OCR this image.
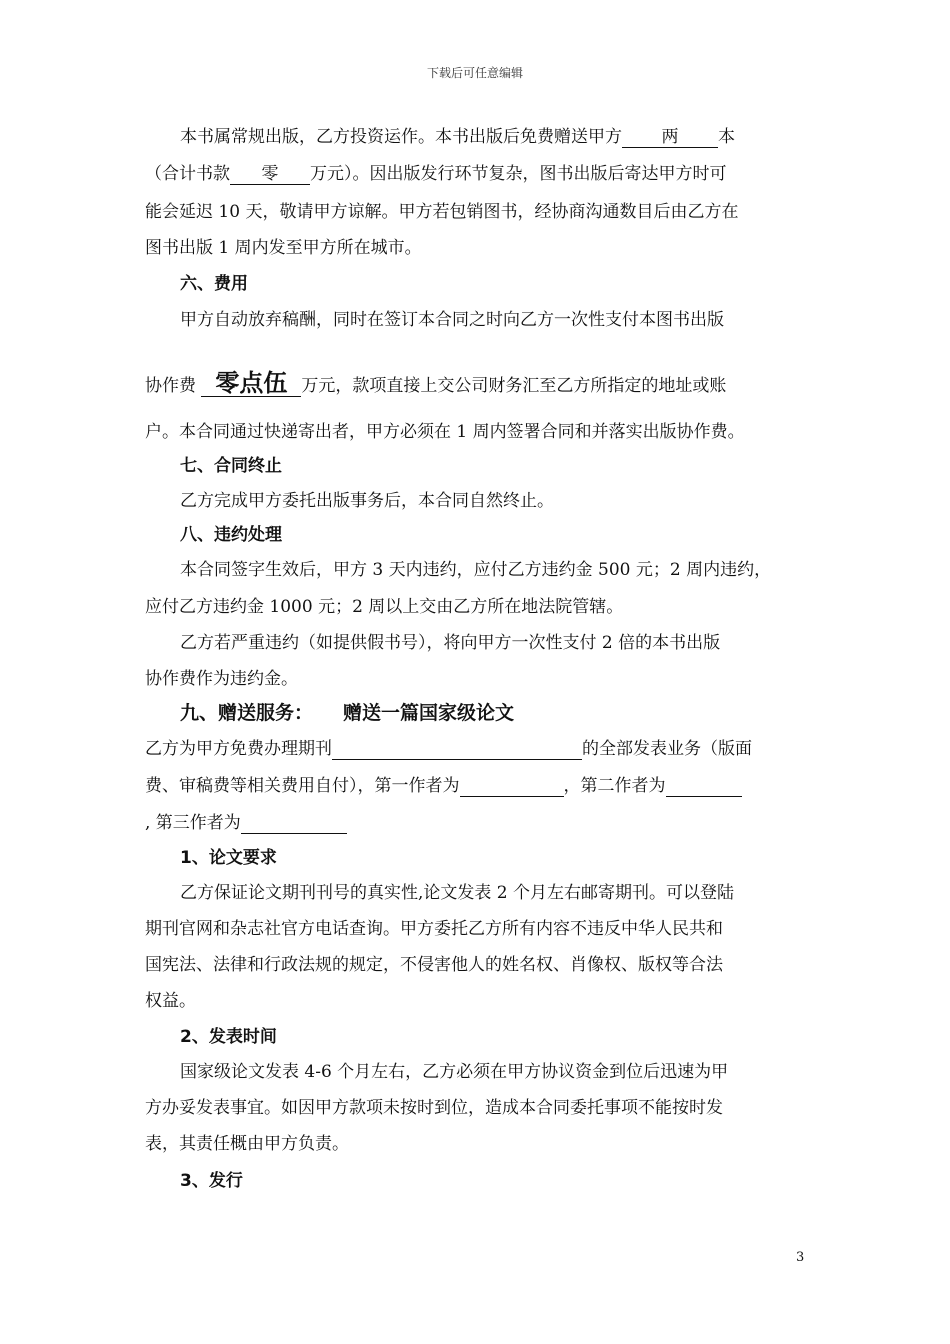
下载后可任意编辑
本书属常规出版，乙方投资运作。本书出版后免费赠送甲方 两 本
（合计书款 零 万元）。因出版发行环节复杂，图书出版后寄达甲方时可
能会延迟 10 天，敬请甲方谅解。甲方若包销图书，经协商沟通数目后由乙方在
图书出版 1 周内发至甲方所在城市。
六、费用
甲方自动放弃稿酬，同时在签订本合同之时向乙方一次性支付本图书出版
协作费 零点伍 万元，款项直接上交公司财务汇至乙方所指定的地址或账
户。本合同通过快递寄出者，甲方必须在 1 周内签署合同和并落实出版协作费。
七、合同终止
乙方完成甲方委托出版事务后，本合同自然终止。
八、违约处理
本合同签字生效后，甲方 3 天内违约，应付乙方违约金 500 元；2 周内违约，
应付乙方违约金 1000 元；2 周以上交由乙方所在地法院管辖。
乙方若严重违约（如提供假书号），将向甲方一次性支付 2 倍的本书出版
协作费作为违约金。
九、赠送服务： 赠送一篇国家级论文
乙方为甲方免费办理期刊	的全部发表业务（版面
费、审稿费等相关费用自付），第一作者为	，第二作者为
, 第三作者为
1、论文要求
乙方保证论文期刊刊号的真实性,论文发表 2 个月左右邮寄期刊。可以登陆
期刊官网和杂志社官方电话查询。甲方委托乙方所有内容不违反中华人民共和
国宪法、法律和行政法规的规定，不侵害他人的姓名权、肖像权、版权等合法
权益。
2、发表时间
国家级论文发表 4-6 个月左右，乙方必须在甲方协议资金到位后迅速为甲
方办妥发表事宜。如因甲方款项未按时到位，造成本合同委托事项不能按时发
表，其责任概由甲方负责。
3、发行
3
